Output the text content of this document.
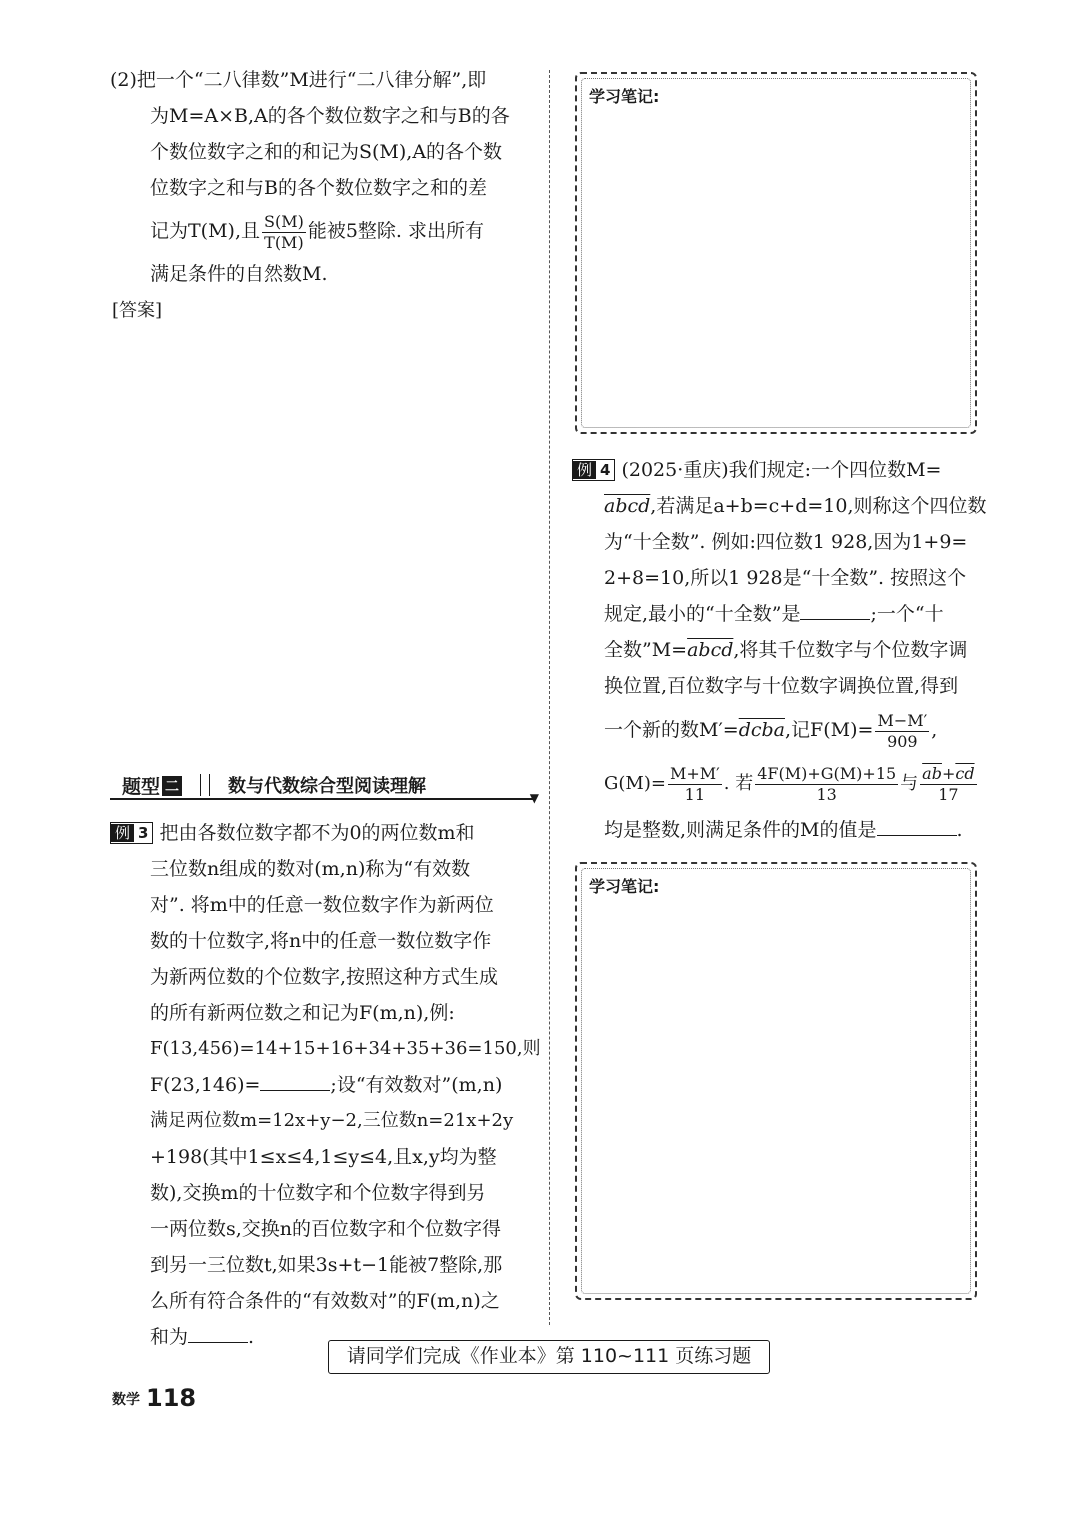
(2)把一个“二八律数”M进行“二八律分解”,即
为M=A×B,A的各个数位数字之和与B的各
个数位数字之和的和记为S(M),A的各个数
位数字之和与B的各个数位数字之和的差
记为T(M),且 $\frac{S(M)}{T(M)}$ 能被5整除. 求出所有
满足条件的自然数M.
[答案]
题型 二	数与代数综合型阅读理解
▼
例 3 把由各数位数字都不为0的两位数m和
三位数n组成的数对(m,n)称为“有效数
对”. 将m中的任意一数位数字作为新两位
数的十位数字,将n中的任意一数位数字作
为新两位数的个位数字,按照这种方式生成
的所有新两位数之和记为F(m,n),例:
F(13,456)=14+15+16+34+35+36=150,则
F(23,146)=	;设“有效数对”(m,n)
满足两位数m=12x+y−2,三位数n=21x+2y
+198(其中1≤x≤4,1≤y≤4,且x,y均为整
数),交换m的十位数字和个位数字得到另
一两位数s,交换n的百位数字和个位数字得
到另一三位数t,如果3s+t−1能被7整除,那
么所有符合条件的“有效数对”的F(m,n)之
和为	.
学习笔记:
例 4 (2025·重庆)我们规定:一个四位数M=
abcd,若满足a+b=c+d=10,则称这个四位数
为“十全数”. 例如:四位数1 928,因为1+9=
2+8=10,所以1 928是“十全数”. 按照这个
规定,最小的“十全数”是	;一个“十
全数”M=abcd,将其千位数字与个位数字调
换位置,百位数字与十位数字调换位置,得到
一个新的数M′=dcba,记$F(M)= \frac{M-M'}{909}$ ,
$G(M)= \frac{M+M'}{11}$ . 若 $\frac{4F(M)+G(M)+15}{13}$ 与 $\frac{\overline{ab}+\overline{cd}}{17}$
均是整数,则满足条件的M的值是	.
学习笔记:
请同学们完成《作业本》第 110~111 页练习题
数学 118
